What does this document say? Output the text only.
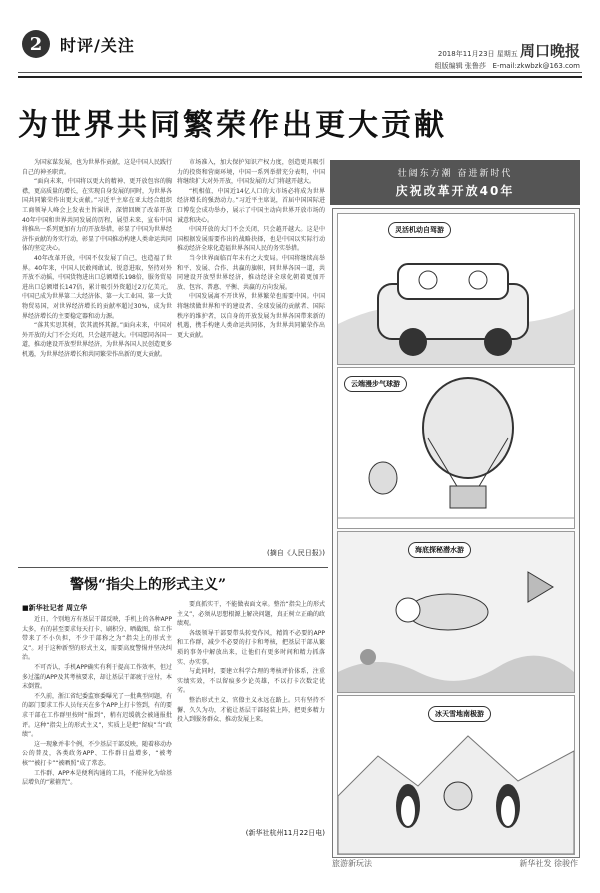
2	时评/关注	2018年11月23日 星期五 周口晚报
组版编辑 张鲁莎 E-mail:zkwbzk@163.com
为世界共同繁荣作出更大贡献

为国家谋发展，也为世界作贡献，这是中国人民践行自己的神圣职责。

“面向未来，中国将以更大的精神、更开放包容的胸襟，更高质量的增长，在实现自身发展的同时，为世界各国共同繁荣作出更大贡献。”习近平主席在亚太经合组织工商领导人峰会上发表主旨演讲，深情回顾了改革开放40年中国和世界共同发展的历程，展望未来，宣布中国将推出一系列更加有力的开放举措，彰显了中国为世界经济作贡献的务实行动，彰显了中国推动构建人类命运共同体的坚定决心。

40年改革开放，中国不仅发展了自己，也造福了世界。40年来，中国人民敢闯敢试、锐意进取，坚持对外开放不动摇，中国货物进出口总额增长198倍，服务贸易进出口总额增长147倍，累计吸引外资超过2万亿美元，中国已成为世界第二大经济体、第一大工业国、第一大货物贸易国，对世界经济增长的贡献率超过30%，成为世界经济增长的主要稳定器和动力源。

“落其实思其树，饮其流怀其源。”面向未来，中国对外开放的大门不会关闭，只会越开越大。中国愿同各国一道，推动建设开放型世界经济，为世界各国人民创造更多机遇，为世界经济增长和共同繁荣作出新的更大贡献。

市场准入，加大保护知识产权力度，创造更具吸引力的投资和营商环境，中国一系列举措充分表明，中国将继续扩大对外开放，中国发展的大门将越开越大。

“机相值，中国近14亿人口的大市场必将成为世界经济增长的强劲动力。”习近平主席说，首届中国国际进口博览会成功举办，展示了中国主动向世界开放市场的诚意和决心。

中国开放的大门不会关闭，只会越开越大。这是中国根据发展需要作出的战略抉择，也是中国以实际行动推动经济全球化造福世界各国人民的务实举措。

当今世界面临百年未有之大变局。中国将继续高举和平、发展、合作、共赢的旗帜，同世界各国一道，共同建设开放型世界经济，推动经济全球化朝着更加开放、包容、普惠、平衡、共赢的方向发展。

中国发展离不开世界，世界繁荣也需要中国。中国将继续做世界和平的建设者、全球发展的贡献者、国际秩序的维护者，以自身的开放发展为世界各国带来新的机遇，携手构建人类命运共同体，为世界共同繁荣作出更大贡献。

(摘自《人民日报》)
警惕“指尖上的形式主义”
■新华社记者 周立华

近日，个别地方有基层干部反映，手机上的各种APP太多，有的甚至要求每天打卡、刷积分、晒截图，给工作带来了不小负担，不少干部称之为“指尖上的形式主义”。对于这种新型的形式主义，需要高度警惕并坚决纠治。

不可否认，手机APP确实有利于提高工作效率，但过多过滥的APP及其考核要求，却让基层干部疲于应付，本末倒置。

不久前，浙江省纪委监察委曝光了一批典型问题，有的部门要求工作人员每天在多个APP上打卡签到，有的要求干部在工作群里按时“报到”，稍有迟缓就会被通报批评。这种“指尖上的形式主义”，实质上是把“留痕”当“政绩”。

这一现象并非个例，不少基层干部反映，随着移动办公的普及，各类政务APP、工作群日益增多，“被考核”“被打卡”“被晒照”成了常态。

工作群、APP本是便利沟通的工具，不能异化为给基层增负的“紧箍咒”。

要真抓实干，不能做表面文章。整治“指尖上的形式主义”，必须从思想根源上解决问题，真正树立正确的政绩观。

各级领导干部要带头转变作风，精简不必要的APP和工作群，减少不必要的打卡和考核，把基层干部从繁琐的事务中解放出来，让他们有更多时间和精力抓落实、办实事。

与此同时，要建立科学合理的考核评价体系，注重实绩实效，不以留痕多少论英雄，不以打卡次数定优劣。

整治形式主义、官僚主义永远在路上。只有坚持不懈、久久为功，才能让基层干部轻装上阵，把更多精力投入到服务群众、推动发展上来。

(新华社杭州11月22日电)
壮阔东方潮 奋进新时代
庆祝改革开放40年
灵活机动自驾游
云端漫步气球游
海底探秘潜水游
冰天雪地南极游
旅游新玩法	新华社发 徐骏作
